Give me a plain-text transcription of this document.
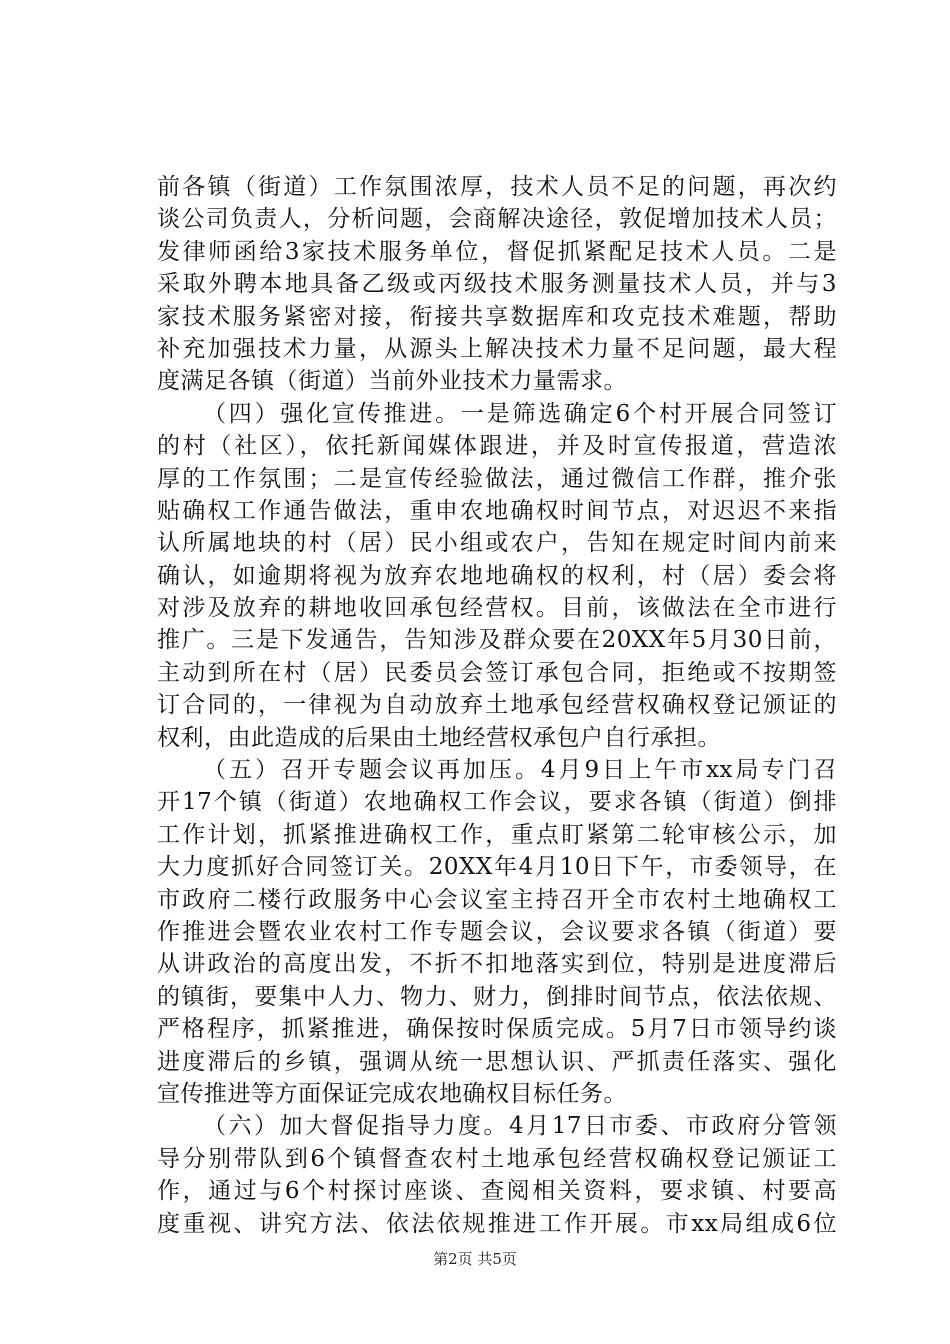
前各镇（街道）工作氛围浓厚，技术人员不足的问题，再次约
谈公司负责人，分析问题，会商解决途径，敦促增加技术人员；
发律师函给3家技术服务单位，督促抓紧配足技术人员。二是
采取外聘本地具备乙级或丙级技术服务测量技术人员，并与3
家技术服务紧密对接，衔接共享数据库和攻克技术难题，帮助
补充加强技术力量，从源头上解决技术力量不足问题，最大程
度满足各镇（街道）当前外业技术力量需求。
（四）强化宣传推进。一是筛选确定6个村开展合同签订
的村（社区），依托新闻媒体跟进，并及时宣传报道，营造浓
厚的工作氛围；二是宣传经验做法，通过微信工作群，推介张
贴确权工作通告做法，重申农地确权时间节点，对迟迟不来指
认所属地块的村（居）民小组或农户，告知在规定时间内前来
确认，如逾期将视为放弃农地地确权的权利，村（居）委会将
对涉及放弃的耕地收回承包经营权。目前，该做法在全市进行
推广。三是下发通告，告知涉及群众要在20XX年5月30日前，
主动到所在村（居）民委员会签订承包合同，拒绝或不按期签
订合同的，一律视为自动放弃土地承包经营权确权登记颁证的
权利，由此造成的后果由土地经营权承包户自行承担。
（五）召开专题会议再加压。4月9日上午市xx局专门召
开17个镇（街道）农地确权工作会议，要求各镇（街道）倒排
工作计划，抓紧推进确权工作，重点盯紧第二轮审核公示，加
大力度抓好合同签订关。20XX年4月10日下午，市委领导，在
市政府二楼行政服务中心会议室主持召开全市农村土地确权工
作推进会暨农业农村工作专题会议，会议要求各镇（街道）要
从讲政治的高度出发，不折不扣地落实到位，特别是进度滞后
的镇街，要集中人力、物力、财力，倒排时间节点，依法依规、
严格程序，抓紧推进，确保按时保质完成。5月7日市领导约谈
进度滞后的乡镇，强调从统一思想认识、严抓责任落实、强化
宣传推进等方面保证完成农地确权目标任务。
（六）加大督促指导力度。4月17日市委、市政府分管领
导分别带队到6个镇督查农村土地承包经营权确权登记颁证工
作，通过与6个村探讨座谈、查阅相关资料，要求镇、村要高
度重视、讲究方法、依法依规推进工作开展。市xx局组成6位
第2页 共5页
